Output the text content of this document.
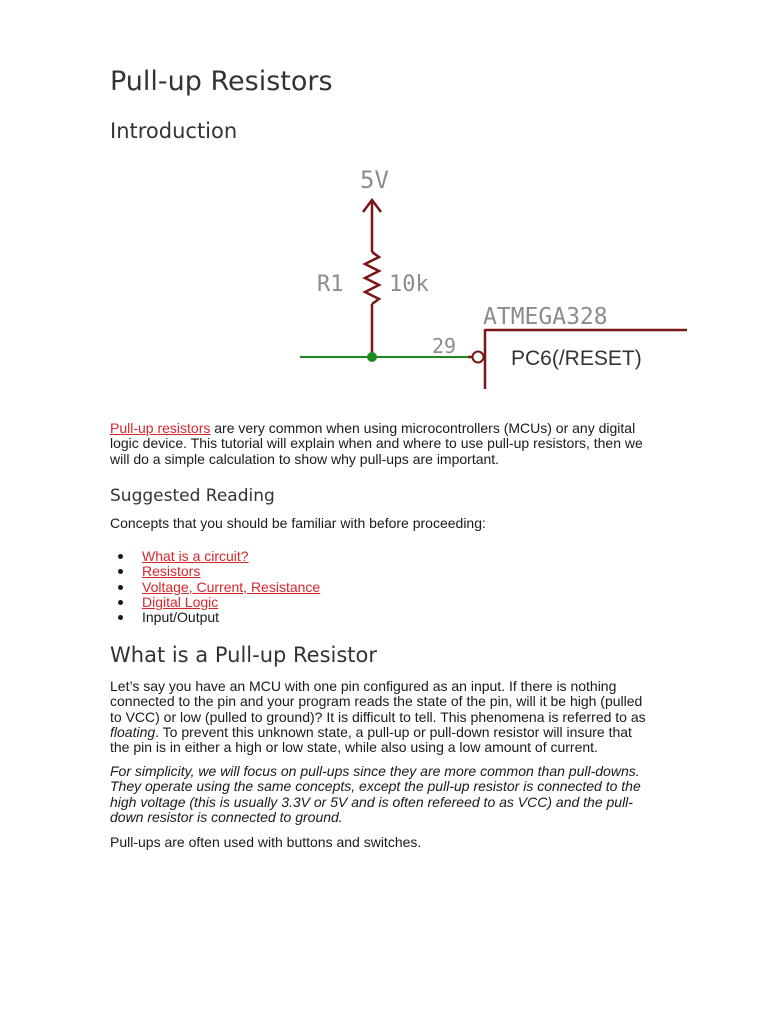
Pull-up Resistors
Introduction
5V
R1 10k
29
ATMEGA328
PC6(/RESET)

Pull-up resistors are very common when using microcontrollers (MCUs) or any digital logic device. This tutorial will explain when and where to use pull-up resistors, then we will do a simple calculation to show why pull-ups are important.

Suggested Reading

Concepts that you should be familiar with before proceeding:

What is a circuit?
Resistors
Voltage, Current, Resistance
Digital Logic
Input/Output
What is a Pull-up Resistor

Let’s say you have an MCU with one pin configured as an input. If there is nothing connected to the pin and your program reads the state of the pin, will it be high (pulled to VCC) or low (pulled to ground)? It is difficult to tell. This phenomena is referred to as floating. To prevent this unknown state, a pull-up or pull-down resistor will insure that the pin is in either a high or low state, while also using a low amount of current.

For simplicity, we will focus on pull-ups since they are more common than pull-downs. They operate using the same concepts, except the pull-up resistor is connected to the high voltage (this is usually 3.3V or 5V and is often refereed to as VCC) and the pull-down resistor is connected to ground.

Pull-ups are often used with buttons and switches.
